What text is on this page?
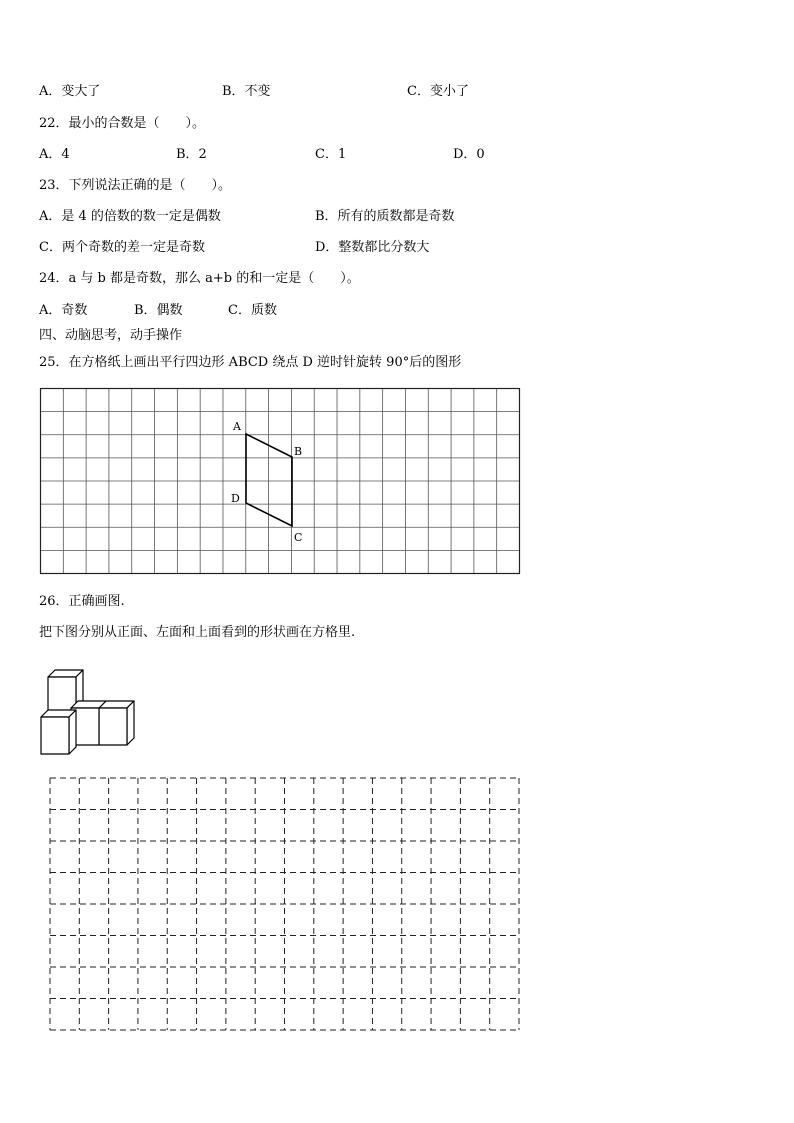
A．变大了	B．不变	C．变小了
22．最小的合数是（　　）。
A．4	B．2	C．1	D．0
23．下列说法正确的是（　　）。
A．是 4 的倍数的数一定是偶数	B．所有的质数都是奇数
C．两个奇数的差一定是奇数	D．整数都比分数大
24．a 与 b 都是奇数，那么 a+b 的和一定是（　　）。
A．奇数	B．偶数	C．质数
四、动脑思考，动手操作
25．在方格纸上画出平行四边形 ABCD 绕点 D 逆时针旋转 90°后的图形
A
B
C
D
26．正确画图.
把下图分别从正面、左面和上面看到的形状画在方格里.
